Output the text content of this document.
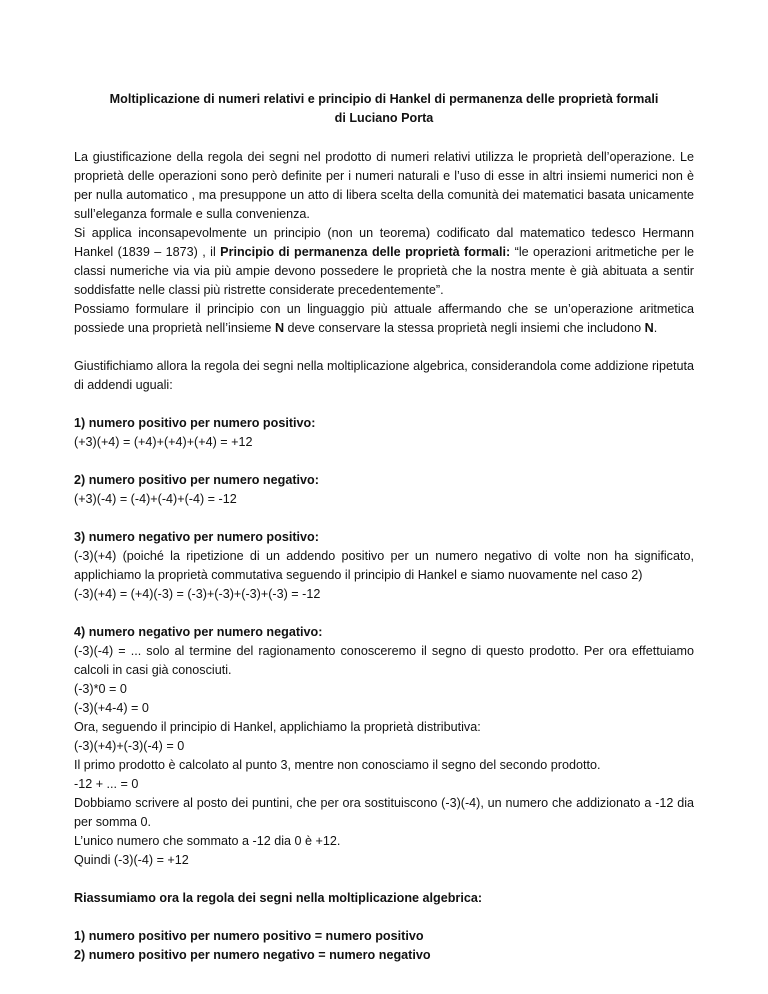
Moltiplicazione di numeri relativi e principio di Hankel di permanenza delle proprietà formali

di Luciano Porta

La giustificazione della regola dei segni nel prodotto di numeri relativi utilizza le proprietà dell’operazione. Le proprietà delle operazioni sono però definite per i numeri naturali e l’uso di esse in altri insiemi numerici non è per nulla automatico , ma presuppone un atto di libera scelta della comunità dei matematici basata unicamente sull’eleganza formale e sulla convenienza.

Si applica inconsapevolmente un principio (non un teorema) codificato dal matematico tedesco Hermann Hankel (1839 – 1873) , il Principio di permanenza delle proprietà formali: “le operazioni aritmetiche per le classi numeriche via via più ampie devono possedere le proprietà che la nostra mente è già abituata a sentir soddisfatte nelle classi più ristrette considerate precedentemente”.

Possiamo formulare il principio con un linguaggio più attuale affermando che se un’operazione aritmetica possiede una proprietà nell’insieme N deve conservare la stessa proprietà negli insiemi che includono N.

Giustifichiamo allora la regola dei segni nella moltiplicazione algebrica, considerandola come addizione ripetuta di addendi uguali:

1) numero positivo per numero positivo:

(+3)(+4) = (+4)+(+4)+(+4) = +12

2) numero positivo per numero negativo:

(+3)(-4) = (-4)+(-4)+(-4) = -12

3) numero negativo per numero positivo:

(-3)(+4) (poiché la ripetizione di un addendo positivo per un numero negativo di volte non ha significato, applichiamo la proprietà commutativa seguendo il principio di Hankel e siamo nuovamente nel caso 2)

(-3)(+4) = (+4)(-3) = (-3)+(-3)+(-3)+(-3) = -12

4) numero negativo per numero negativo:

(-3)(-4) = ... solo al termine del ragionamento conosceremo il segno di questo prodotto. Per ora effettuiamo calcoli in casi già conosciuti.

(-3)*0 = 0

(-3)(+4-4) = 0

Ora, seguendo il principio di Hankel, applichiamo la proprietà distributiva:

(-3)(+4)+(-3)(-4) = 0

Il primo prodotto è calcolato al punto 3, mentre non conosciamo il segno del secondo prodotto.

-12 + ... = 0

Dobbiamo scrivere al posto dei puntini, che per ora sostituiscono (-3)(-4), un numero che addizionato a -12 dia per somma 0.

L’unico numero che sommato a -12 dia 0 è +12.

Quindi (-3)(-4) = +12

Riassumiamo ora la regola dei segni nella moltiplicazione algebrica:

1) numero positivo per numero positivo = numero positivo

2) numero positivo per numero negativo = numero negativo
